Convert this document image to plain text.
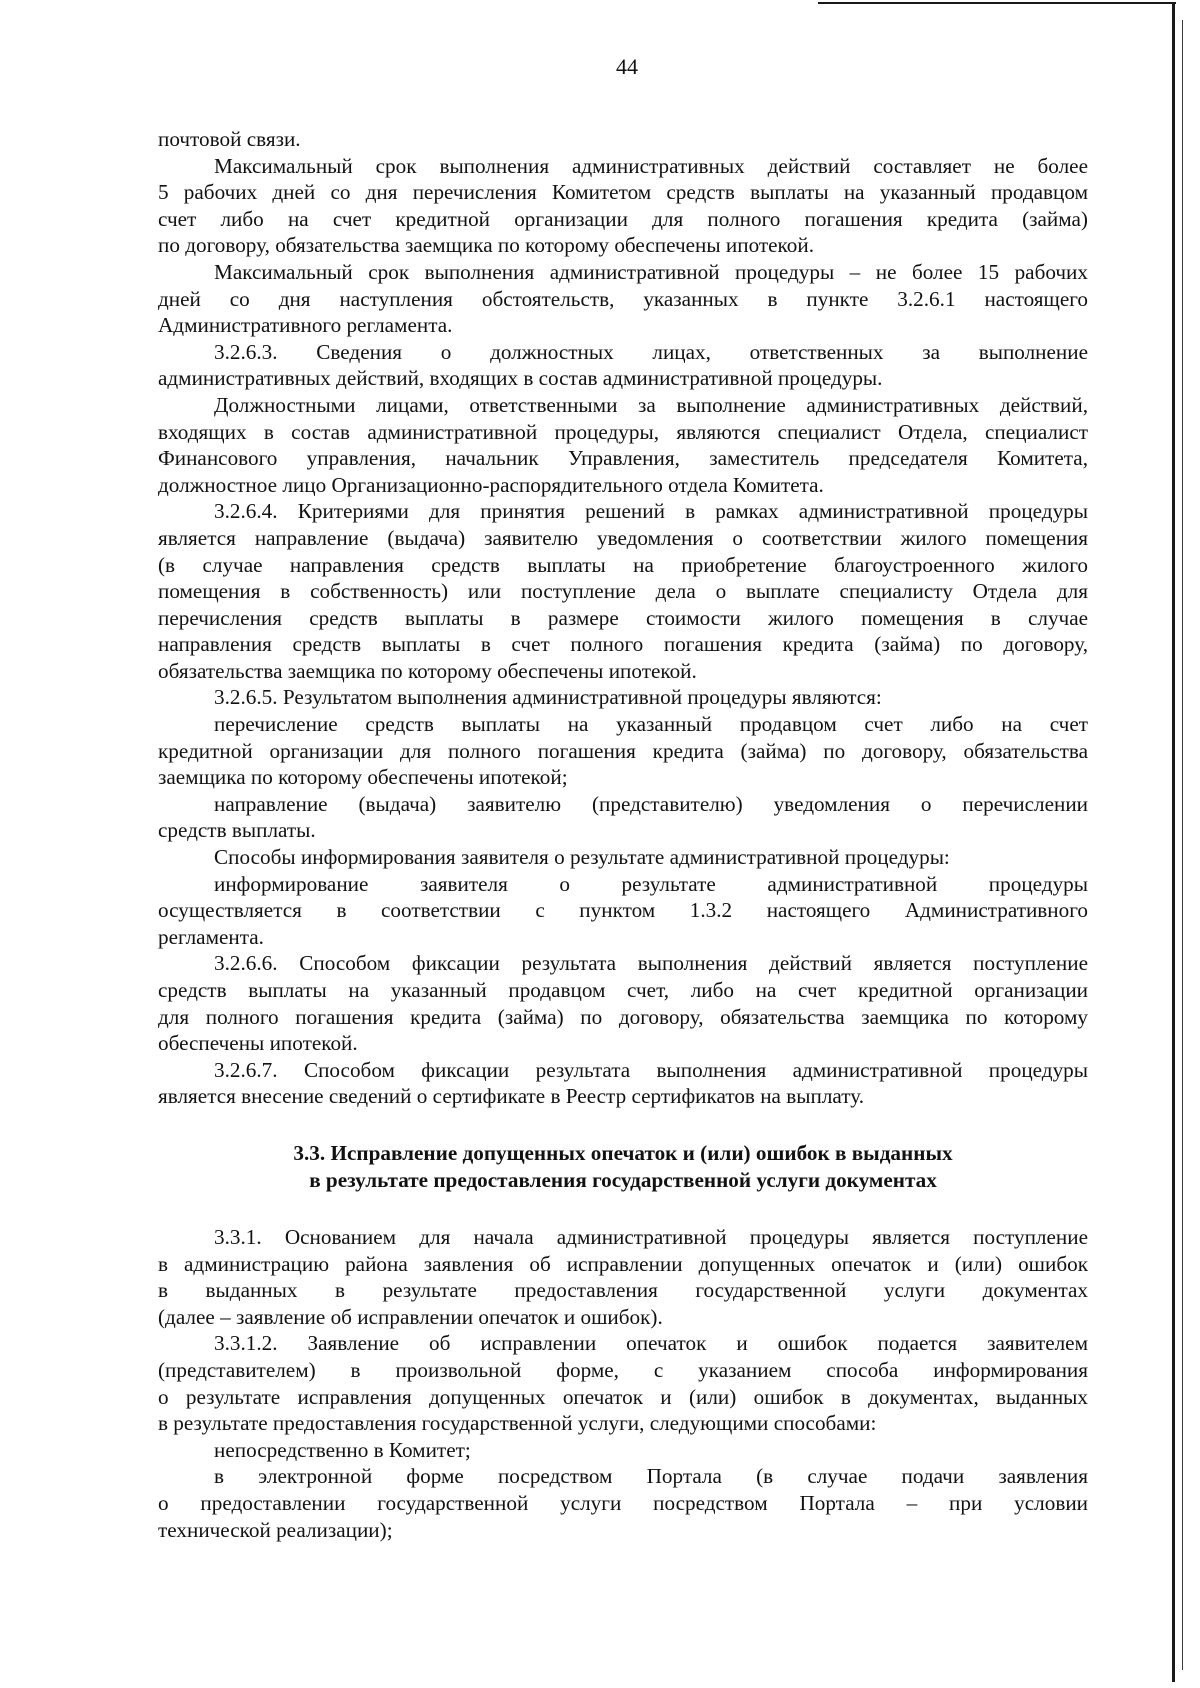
44

почтовой связи.
Максимальный срок выполнения административных действий составляет не более
5 рабочих дней со дня перечисления Комитетом средств выплаты на указанный продавцом
счет либо на счет кредитной организации для полного погашения кредита (займа)
по договору, обязательства заемщика по которому обеспечены ипотекой.
Максимальный срок выполнения административной процедуры – не более 15 рабочих
дней со дня наступления обстоятельств, указанных в пункте 3.2.6.1 настоящего
Административного регламента.
3.2.6.3. Сведения о должностных лицах, ответственных за выполнение
административных действий, входящих в состав административной процедуры.
Должностными лицами, ответственными за выполнение административных действий,
входящих в состав административной процедуры, являются специалист Отдела, специалист
Финансового управления, начальник Управления, заместитель председателя Комитета,
должностное лицо Организационно-распорядительного отдела Комитета.
3.2.6.4. Критериями для принятия решений в рамках административной процедуры
является направление (выдача) заявителю уведомления о соответствии жилого помещения
(в случае направления средств выплаты на приобретение благоустроенного жилого
помещения в собственность) или поступление дела о выплате специалисту Отдела для
перечисления средств выплаты в размере стоимости жилого помещения в случае
направления средств выплаты в счет полного погашения кредита (займа) по договору,
обязательства заемщика по которому обеспечены ипотекой.
3.2.6.5. Результатом выполнения административной процедуры являются:
перечисление средств выплаты на указанный продавцом счет либо на счет
кредитной организации для полного погашения кредита (займа) по договору, обязательства
заемщика по которому обеспечены ипотекой;
направление (выдача) заявителю (представителю) уведомления о перечислении
средств выплаты.
Способы информирования заявителя о результате административной процедуры:
информирование заявителя о результате административной процедуры
осуществляется в соответствии с пунктом 1.3.2 настоящего Административного
регламента.
3.2.6.6. Способом фиксации результата выполнения действий является поступление
средств выплаты на указанный продавцом счет, либо на счет кредитной организации
для полного погашения кредита (займа) по договору, обязательства заемщика по которому
обеспечены ипотекой.
3.2.6.7. Способом фиксации результата выполнения административной процедуры
является внесение сведений о сертификате в Реестр сертификатов на выплату.

3.3. Исправление допущенных опечаток и (или) ошибок в выданных
в результате предоставления государственной услуги документах

3.3.1. Основанием для начала административной процедуры является поступление
в администрацию района заявления об исправлении допущенных опечаток и (или) ошибок
в выданных в результате предоставления государственной услуги документах
(далее – заявление об исправлении опечаток и ошибок).
3.3.1.2. Заявление об исправлении опечаток и ошибок подается заявителем
(представителем) в произвольной форме, с указанием способа информирования
о результате исправления допущенных опечаток и (или) ошибок в документах, выданных
в результате предоставления государственной услуги, следующими способами:
непосредственно в Комитет;
в электронной форме посредством Портала (в случае подачи заявления
о предоставлении государственной услуги посредством Портала – при условии
технической реализации);
